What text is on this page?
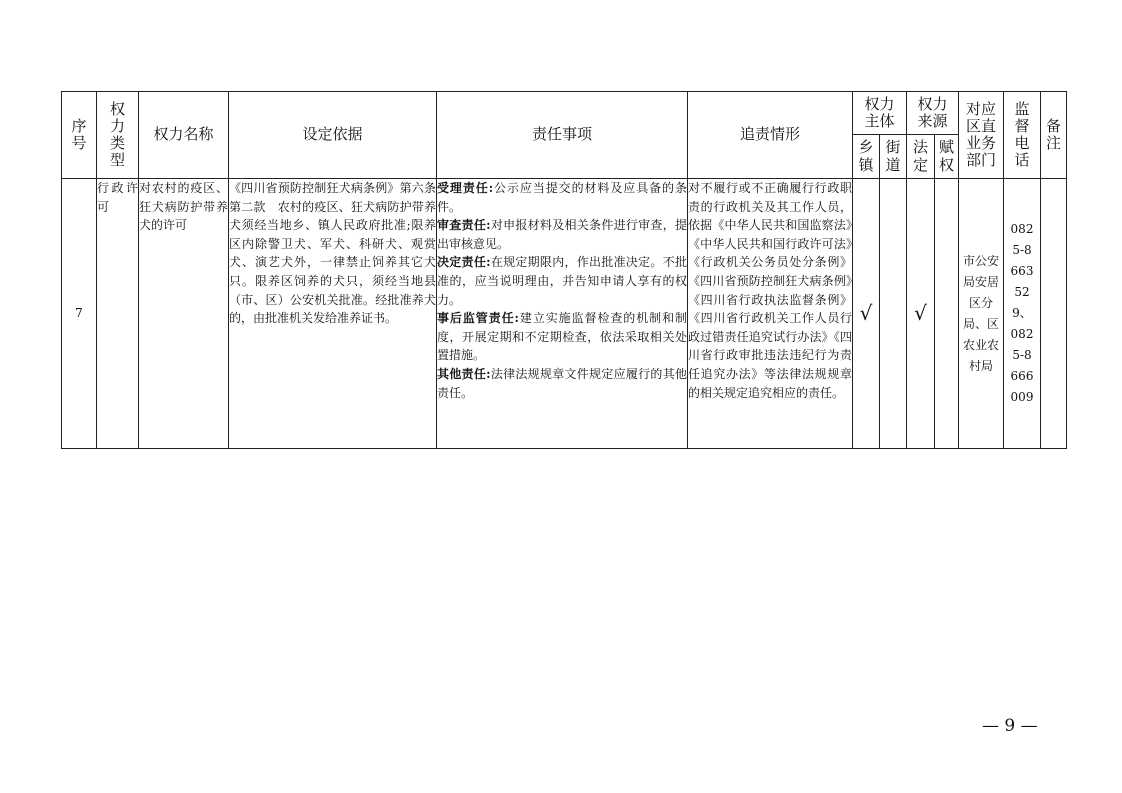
序号	权力类型	权力名称	设定依据	责任事项	追责情形	权力主体		权力来源		对应区直业务部门	监督电话	备注

						乡镇	街道	法定	赋权			

7	行政许可	对农村的疫区、狂犬病防护带养犬的许可	《四川省预防控制狂犬病条例》第六条第二款　农村的疫区、狂犬病防护带养犬须经当地乡、镇人民政府批准;限养区内除警卫犬、军犬、科研犬、观赏犬、演艺犬外，一律禁止饲养其它犬只。限养区饲养的犬只，须经当地县（市、区）公安机关批准。经批准养犬的，由批准机关发给准养证书。	受理责任:公示应当提交的材料及应具备的条件。
审查责任:对申报材料及相关条件进行审查，提出审核意见。
决定责任:在规定期限内，作出批准决定。不批准的，应当说明理由，并告知申请人享有的权力。
事后监管责任:建立实施监督检查的机制和制度，开展定期和不定期检查，依法采取相关处置措施。
其他责任:法律法规规章文件规定应履行的其他责任。	对不履行或不正确履行行政职责的行政机关及其工作人员，依据《中华人民共和国监察法》《中华人民共和国行政许可法》《行政机关公务员处分条例》《四川省预防控制狂犬病条例》《四川省行政执法监督条例》《四川省行政机关工作人员行政过错责任追究试行办法》《四川省行政审批违法违纪行为责任追究办法》等法律法规规章的相关规定追究相应的责任。	√		√		市公安局安居区分局、区农业农村局	0825-8663529、0825-8666009	

— 9 —
